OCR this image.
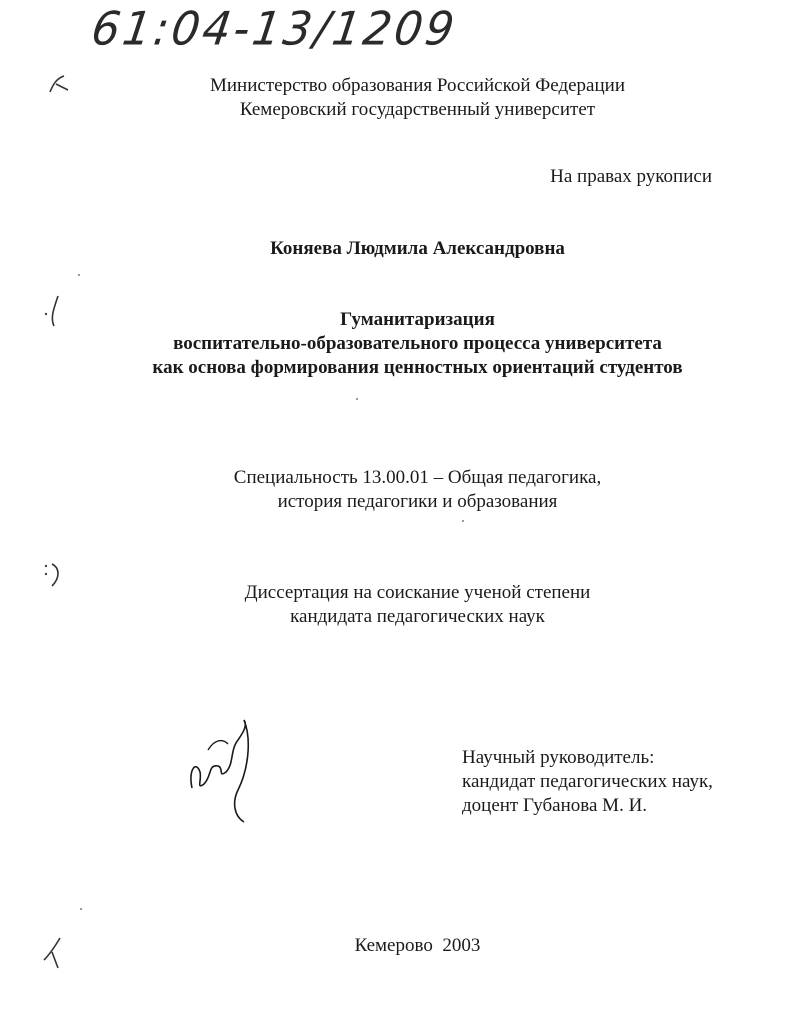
61:04-13/1209
Министерство образования Российской Федерации
Кемеровский государственный университет
На правах рукописи
Коняева Людмила Александровна
Гуманитаризация
воспитательно-образовательного процесса университета
как основа формирования ценностных ориентаций студентов
Специальность 13.00.01 – Общая педагогика,
история педагогики и образования
Диссертация на соискание ученой степени
кандидата педагогических наук
Научный руководитель:
кандидат педагогических наук,
доцент Губанова М. И.
Кемерово  2003
